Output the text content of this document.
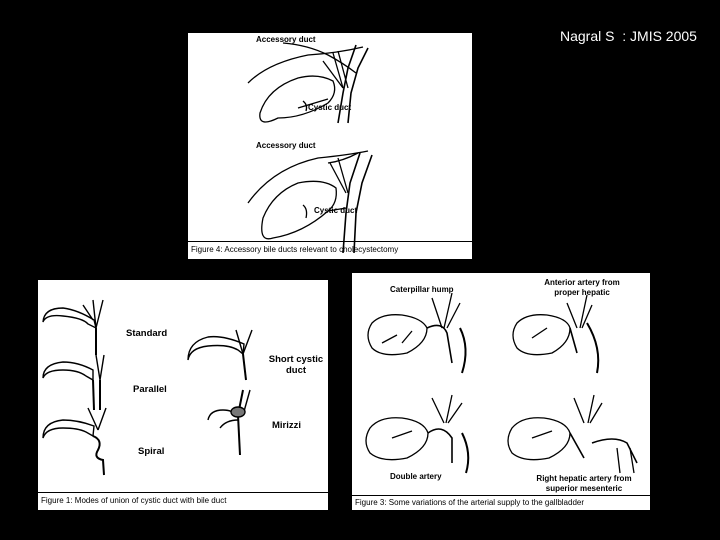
Nagral S  : JMIS 2005
Accessory duct
Cystic duct
Accessory duct
Cystic duct
Figure 4: Accessory bile ducts relevant to cholecystectomy
Standard
Parallel
Spiral
Short cystic duct
Mirizzi
Figure 1: Modes of union of cystic duct with bile duct
Caterpillar hump
Anterior artery from proper hepatic
Double artery	Right hepatic artery from superior mesenteric
Figure 3: Some variations of the arterial supply to the gallbladder
